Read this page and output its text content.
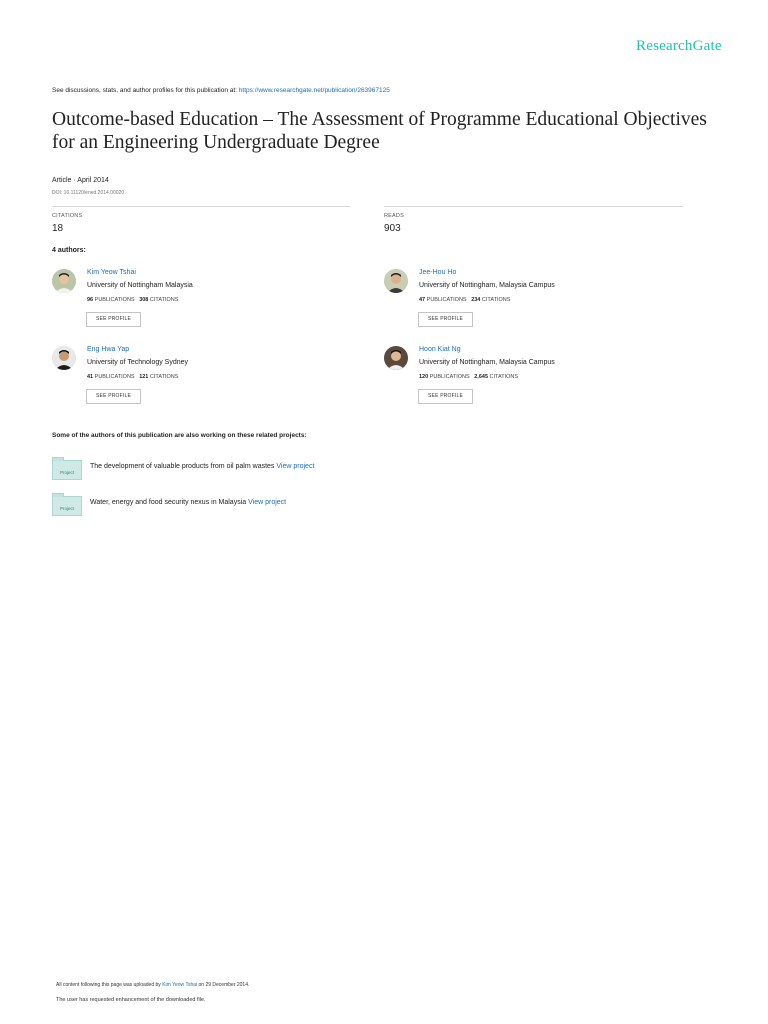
ResearchGate
See discussions, stats, and author profiles for this publication at: https://www.researchgate.net/publication/263967125
Outcome-based Education – The Assessment of Programme Educational Objectives for an Engineering Undergraduate Degree
Article · April 2014
DOI: 10.11120/ened.2014.00020
CITATIONS
18
READS
903
4 authors:
Kim Yeow Tshai
University of Nottingham Malaysia
96 PUBLICATIONS 308 CITATIONS
SEE PROFILE
Jee-Hou Ho
University of Nottingham, Malaysia Campus
47 PUBLICATIONS 234 CITATIONS
SEE PROFILE
Eng Hwa Yap
University of Technology Sydney
41 PUBLICATIONS 121 CITATIONS
SEE PROFILE
Hoon Kiat Ng
University of Nottingham, Malaysia Campus
120 PUBLICATIONS 2,645 CITATIONS
SEE PROFILE
Some of the authors of this publication are also working on these related projects:
Project
The development of valuable products from oil palm wastes View project
Project
Water, energy and food security nexus in Malaysia View project
All content following this page was uploaded by Kim Yeow Tshai on 29 December 2014.
The user has requested enhancement of the downloaded file.
